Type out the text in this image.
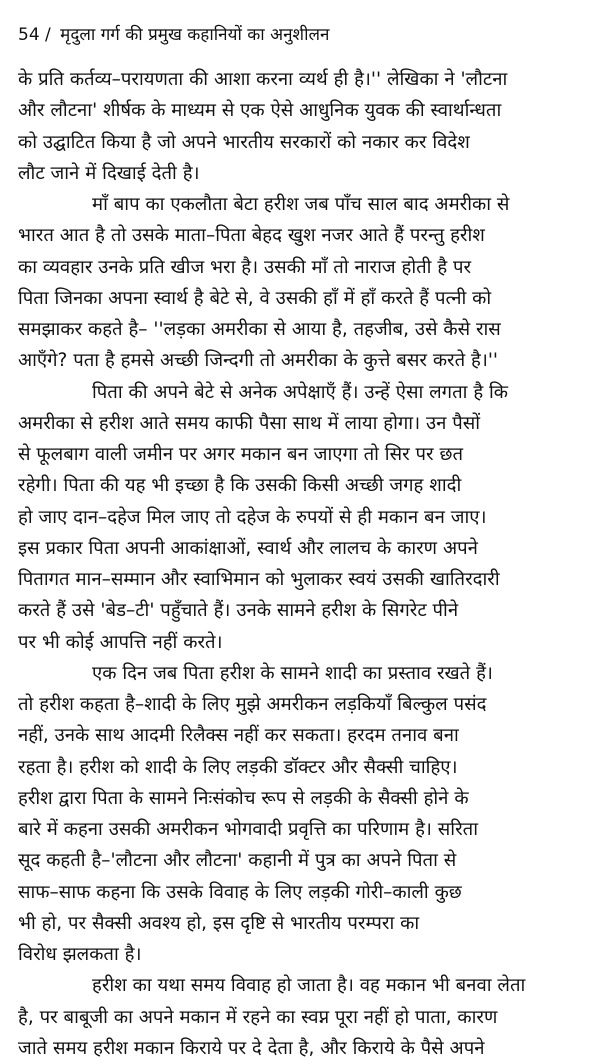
54 / मृदुला गर्ग की प्रमुख कहानियों का अनुशीलन
के प्रति कर्तव्य–परायणता की आशा करना व्यर्थ ही है।'' लेखिका ने 'लौटना
और लौटना' शीर्षक के माध्यम से एक ऐसे आधुनिक युवक की स्वार्थान्धता
को उद्घाटित किया है जो अपने भारतीय सरकारों को नकार कर विदेश
लौट जाने में दिखाई देती है।
माँ बाप का एकलौता बेटा हरीश जब पाँच साल बाद अमरीका से
भारत आत है तो उसके माता–पिता बेहद खुश नजर आते हैं परन्तु हरीश
का व्यवहार उनके प्रति खीज भरा है। उसकी माँ तो नाराज होती है पर
पिता जिनका अपना स्वार्थ है बेटे से, वे उसकी हाँ में हाँ करते हैं पत्नी को
समझाकर कहते है– ''लड़का अमरीका से आया है, तहजीब, उसे कैसे रास
आएँगे? पता है हमसे अच्छी जिन्दगी तो अमरीका के कुत्ते बसर करते है।''
पिता की अपने बेटे से अनेक अपेक्षाएँ हैं। उन्हें ऐसा लगता है कि
अमरीका से हरीश आते समय काफी पैसा साथ में लाया होगा। उन पैसों
से फूलबाग वाली जमीन पर अगर मकान बन जाएगा तो सिर पर छत
रहेगी। पिता की यह भी इच्छा है कि उसकी किसी अच्छी जगह शादी
हो जाए दान–दहेज मिल जाए तो दहेज के रुपयों से ही मकान बन जाए।
इस प्रकार पिता अपनी आकांक्षाओं, स्वार्थ और लालच के कारण अपने
पितागत मान–सम्मान और स्वाभिमान को भुलाकर स्वयं उसकी खातिरदारी
करते हैं उसे 'बेड–टी' पहुँचाते हैं। उनके सामने हरीश के सिगरेट पीने
पर भी कोई आपत्ति नहीं करते।
एक दिन जब पिता हरीश के सामने शादी का प्रस्ताव रखते हैं।
तो हरीश कहता है–शादी के लिए मुझे अमरीकन लड़कियाँ बिल्कुल पसंद
नहीं, उनके साथ आदमी रिलैक्स नहीं कर सकता। हरदम तनाव बना
रहता है। हरीश को शादी के लिए लड़की डॉक्टर और सैक्सी चाहिए।
हरीश द्वारा पिता के सामने निःसंकोच रूप से लड़की के सैक्सी होने के
बारे में कहना उसकी अमरीकन भोगवादी प्रवृत्ति का परिणाम है। सरिता
सूद कहती है–'लौटना और लौटना' कहानी में पुत्र का अपने पिता से
साफ–साफ कहना कि उसके विवाह के लिए लड़की गोरी–काली कुछ
भी हो, पर सैक्सी अवश्य हो, इस दृष्टि से भारतीय परम्परा का
विरोध झलकता है।
हरीश का यथा समय विवाह हो जाता है। वह मकान भी बनवा लेता
है, पर बाबूजी का अपने मकान में रहने का स्वप्न पूरा नहीं हो पाता, कारण
जाते समय हरीश मकान किराये पर दे देता है, और किराये के पैसे अपने
